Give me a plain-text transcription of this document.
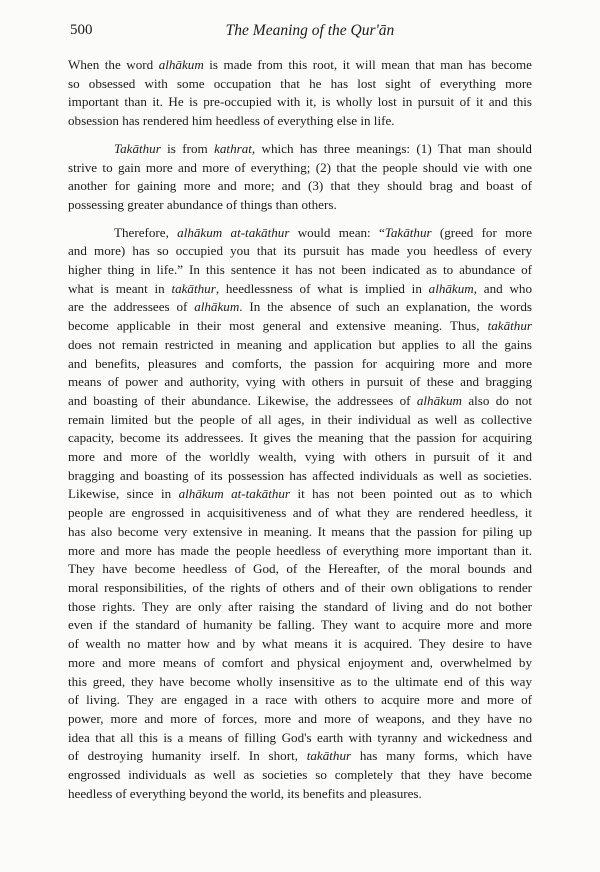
500	The Meaning of the Qur'ān
When the word alhākum is made from this root, it will mean that man has become
so obsessed with some occupation that he has lost sight of everything more
important than it. He is pre-occupied with it, is wholly lost in pursuit of it and this
obsession has rendered him heedless of everything else in life.
Takāthur is from kathrat, which has three meanings: (1) That man should
strive to gain more and more of everything; (2) that the people should vie with one
another for gaining more and more; and (3) that they should brag and boast of
possessing greater abundance of things than others.
Therefore, alhākum at-takāthur would mean: “Takāthur (greed for more
and more) has so occupied you that its pursuit has made you heedless of every
higher thing in life.” In this sentence it has not been indicated as to abundance of
what is meant in takāthur, heedlessness of what is implied in alhākum, and who
are the addressees of alhākum. In the absence of such an explanation, the words
become applicable in their most general and extensive meaning. Thus, takāthur
does not remain restricted in meaning and application but applies to all the gains
and benefits, pleasures and comforts, the passion for acquiring more and more
means of power and authority, vying with others in pursuit of these and bragging
and boasting of their abundance. Likewise, the addressees of alhākum also do not
remain limited but the people of all ages, in their individual as well as collective
capacity, become its addressees. It gives the meaning that the passion for acquiring
more and more of the worldly wealth, vying with others in pursuit of it and
bragging and boasting of its possession has affected individuals as well as societies.
Likewise, since in alhākum at-takāthur it has not been pointed out as to which
people are engrossed in acquisitiveness and of what they are rendered heedless, it
has also become very extensive in meaning. It means that the passion for piling up
more and more has made the people heedless of everything more important than it.
They have become heedless of God, of the Hereafter, of the moral bounds and
moral responsibilities, of the rights of others and of their own obligations to render
those rights. They are only after raising the standard of living and do not bother
even if the standard of humanity be falling. They want to acquire more and more
of wealth no matter how and by what means it is acquired. They desire to have
more and more means of comfort and physical enjoyment and, overwhelmed by
this greed, they have become wholly insensitive as to the ultimate end of this way
of living. They are engaged in a race with others to acquire more and more of
power, more and more of forces, more and more of weapons, and they have no
idea that all this is a means of filling God's earth with tyranny and wickedness and
of destroying humanity irself. In short, takāthur has many forms, which have
engrossed individuals as well as societies so completely that they have become
heedless of everything beyond the world, its benefits and pleasures.
